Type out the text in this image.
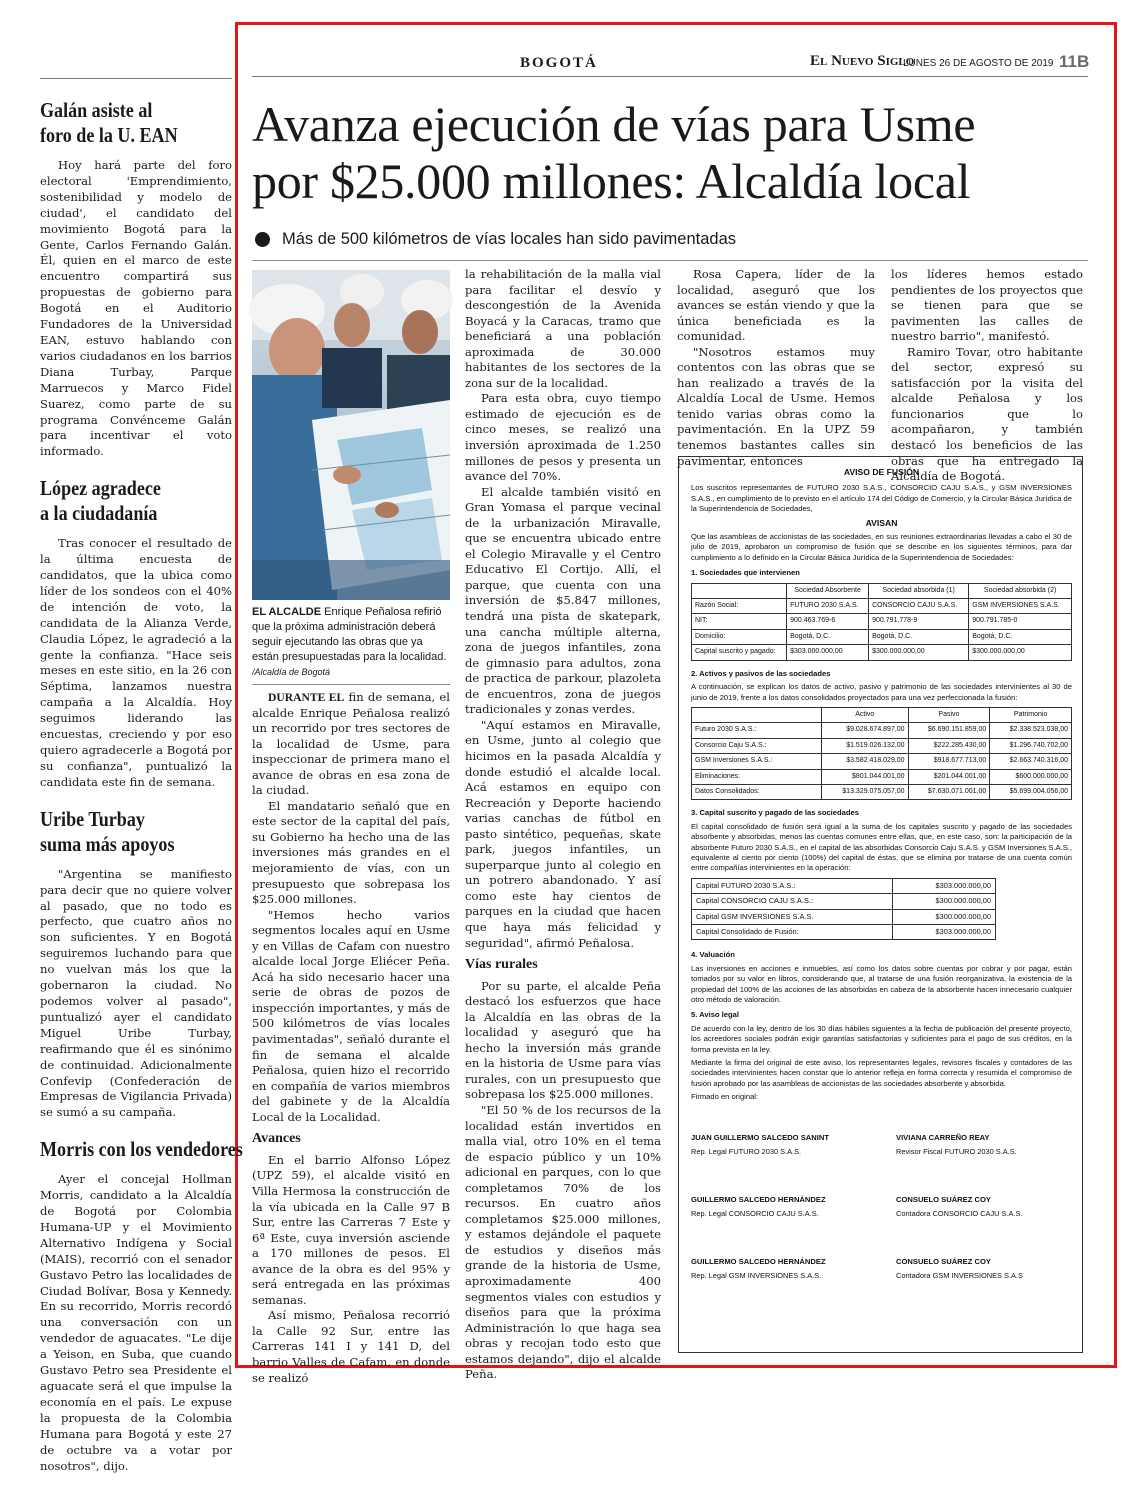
Galán asiste al
foro de la U. EAN

Hoy hará parte del foro electoral 'Emprendimiento, sostenibilidad y modelo de ciudad', el candidato del movimiento Bogotá para la Gente, Carlos Fernando Galán. Él, quien en el marco de este encuentro compartirá sus propuestas de gobierno para Bogotá en el Auditorio Fundadores de la Universidad EAN, estuvo hablando con varios ciudadanos en los barrios Diana Turbay, Parque Marruecos y Marco Fidel Suarez, como parte de su programa Convénceme Galán para incentivar el voto informado.

López agradece
a la ciudadanía

Tras conocer el resultado de la última encuesta de candidatos, que la ubica como líder de los sondeos con el 40% de intención de voto, la candidata de la Alianza Verde, Claudia López, le agradeció a la gente la confianza. "Hace seis meses en este sitio, en la 26 con Séptima, lanzamos nuestra campaña a la Alcaldía. Hoy seguimos liderando las encuestas, creciendo y por eso quiero agradecerle a Bogotá por su confianza", puntualizó la candidata este fin de semana.

Uribe Turbay
suma más apoyos

"Argentina se manifiesto para decir que no quiere volver al pasado, que no todo es perfecto, que cuatro años no son suficientes. Y en Bogotá seguiremos luchando para que no vuelvan más los que la gobernaron la ciudad. No podemos volver al pasado", puntualizó ayer el candidato Miguel Uribe Turbay, reafirmando que él es sinónimo de continuidad. Adicionalmente Confevip (Confederación de Empresas de Vigilancia Privada) se sumó a su campaña.

Morris con los vendedores

Ayer el concejal Hollman Morris, candidato a la Alcaldía de Bogotá por Colombia Humana-UP y el Movimiento Alternativo Indígena y Social (MAIS), recorrió con el senador Gustavo Petro las localidades de Ciudad Bolívar, Bosa y Kennedy. En su recorrido, Morris recordó una conversación con un vendedor de aguacates. "Le dije a Yeison, en Suba, que cuando Gustavo Petro sea Presidente el aguacate será el que impulse la economía en el país. Le expuse la propuesta de la Colombia Humana para Bogotá y este 27 de octubre va a votar por nosotros", dijo.

BOGOTÁ	El Nuevo Siglo
LUNES 26 DE AGOSTO DE 2019 11B
Avanza ejecución de vías para Usme
por $25.000 millones: Alcaldía local
Más de 500 kilómetros de vías locales han sido pavimentadas
EL ALCALDE Enrique Peñalosa refirió que la próxima administración deberá seguir ejecutando las obras que ya están presupuestadas para la localidad. /Alcaldía de Bogotá

DURANTE EL fin de semana, el alcalde Enrique Peñalosa realizó un recorrido por tres sectores de la localidad de Usme, para inspeccionar de primera mano el avance de obras en esa zona de la ciudad.

El mandatario señaló que en este sector de la capital del país, su Gobierno ha hecho una de las inversiones más grandes en el mejoramiento de vías, con un presupuesto que sobrepasa los $25.000 millones.

"Hemos hecho varios segmentos locales aquí en Usme y en Villas de Cafam con nuestro alcalde local Jorge Eliécer Peña. Acá ha sido necesario hacer una serie de obras de pozos de inspección importantes, y más de 500 kilómetros de vías locales pavimentadas", señaló durante el fin de semana el alcalde Peñalosa, quien hizo el recorrido en compañía de varios miembros del gabinete y de la Alcaldía Local de la Localidad.

Avances

En el barrio Alfonso López (UPZ 59), el alcalde visitó en Villa Hermosa la construcción de la vía ubicada en la Calle 97 B Sur, entre las Carreras 7 Este y 6ª Este, cuya inversión asciende a 170 millones de pesos. El avance de la obra es del 95% y será entregada en las próximas semanas.

Así mismo, Peñalosa recorrió la Calle 92 Sur, entre las Carreras 141 I y 141 D, del barrio Valles de Cafam, en donde se realizó

la rehabilitación de la malla vial para facilitar el desvío y descongestión de la Avenida Boyacá y la Caracas, tramo que beneficiará a una población aproximada de 30.000 habitantes de los sectores de la zona sur de la localidad.

Para esta obra, cuyo tiempo estimado de ejecución es de cinco meses, se realizó una inversión aproximada de 1.250 millones de pesos y presenta un avance del 70%.

El alcalde también visitó en Gran Yomasa el parque vecinal de la urbanización Miravalle, que se encuentra ubicado entre el Colegio Miravalle y el Centro Educativo El Cortijo. Allí, el parque, que cuenta con una inversión de $5.847 millones, tendrá una pista de skatepark, una cancha múltiple alterna, zona de juegos infantiles, zona de gimnasio para adultos, zona de practica de parkour, plazoleta de encuentros, zona de juegos tradicionales y zonas verdes.

"Aquí estamos en Miravalle, en Usme, junto al colegio que hicimos en la pasada Alcaldía y donde estudió el alcalde local. Acá estamos en equipo con Recreación y Deporte haciendo varias canchas de fútbol en pasto sintético, pequeñas, skate park, juegos infantiles, un superparque junto al colegio en un potrero abandonado. Y así como este hay cientos de parques en la ciudad que hacen que haya más felicidad y seguridad", afirmó Peñalosa.

Vías rurales

Por su parte, el alcalde Peña destacó los esfuerzos que hace la Alcaldía en las obras de la localidad y aseguró que ha hecho la inversión más grande en la historia de Usme para vías rurales, con un presupuesto que sobrepasa los $25.000 millones.

"El 50 % de los recursos de la localidad están invertidos en malla vial, otro 10% en el tema de espacio público y un 10% adicional en parques, con lo que completamos 70% de los recursos. En cuatro años completamos $25.000 millones, y estamos dejándole el paquete de estudios y diseños más grande de la historia de Usme, aproximadamente 400 segmentos viales con estudios y diseños para que la próxima Administración lo que haga sea obras y recojan todo esto que estamos dejando", dijo el alcalde Peña.

Rosa Capera, líder de la localidad, aseguró que los avances se están viendo y que la única beneficiada es la comunidad.

"Nosotros estamos muy contentos con las obras que se han realizado a través de la Alcaldía Local de Usme. Hemos tenido varias obras como la pavimentación. En la UPZ 59 tenemos bastantes calles sin pavimentar, entonces

los líderes hemos estado pendientes de los proyectos que se tienen para que se pavimenten las calles de nuestro barrio", manifestó.

Ramiro Tovar, otro habitante del sector, expresó su satisfacción por la visita del alcalde Peñalosa y los funcionarios que lo acompañaron, y también destacó los beneficios de las obras que ha entregado la Alcaldía de Bogotá.

AVISO DE FUSIÓN

Los suscritos representantes de FUTURO 2030 S.A.S., CONSORCIO CAJU S.A.S., y GSM INVERSIONES S.A.S., en cumplimiento de lo previsto en el artículo 174 del Código de Comercio, y la Circular Básica Jurídica de la Superintendencia de Sociedades,

AVISAN

Que las asambleas de accionistas de las sociedades, en sus reuniones extraordinarias llevadas a cabo el 30 de julio de 2019, aprobaron un compromiso de fusión que se describe en los siguientes términos, para dar cumplimiento a lo definido en la Circular Básica Jurídica de la Superintendencia de Sociedades:

1. Sociedades que intervienen
	Sociedad Absorbente	Sociedad absorbida (1)	Sociedad absorbida (2)
Razón Social:	FUTURO 2030 S.A.S.	CONSORCIO CAJU S.A.S.	GSM INVERSIONES S.A.S.
NIT:	900.463.769-6	900.791.778-9	900.791.785-0
Domicilio:	Bogotá, D.C.	Bogotá, D.C.	Bogotá, D.C.
Capital suscrito y pagado:	$303.000.000,00	$300.000.000,00	$300.000.000,00
2. Activos y pasivos de las sociedades

A continuación, se explican los datos de activo, pasivo y patrimonio de las sociedades intervinientes al 30 de junio de 2019, frente a los datos consolidados proyectados para una vez perfeccionada la fusión:

	Activo	Pasivo	Patrimonio
Futuro 2030 S.A.S.:	$9.028.674.897,00	$6.690.151.859,00	$2.338.523.038,00
Consorcio Caju S.A.S.:	$1.519.026.132,00	$222.285.430,00	$1.296.740.702,00
GSM Inversiones S.A.S.:	$3.582.418.029,00	$918.677.713,00	$2.663.740.316,00
Eliminaciones:	$801.044.001,00	$201.044.001,00	$600.000.000,00
Datos Consolidados:	$13.329.075.057,00	$7.630.071.001,00	$5.699.004.056,00
3. Capital suscrito y pagado de las sociedades

El capital consolidado de fusión será igual a la suma de los capitales suscrito y pagado de las sociedades absorbente y absorbidas, menos las cuentas comunes entre ellas, que, en este caso, son: la participación de la absorbente Futuro 2030 S.A.S., en el capital de las absorbidas Consorcio Caju S.A.S. y GSM Inversiones S.A.S., equivalente al ciento por ciento (100%) del capital de éstas, que se elimina por tratarse de una cuenta común entre compañías intervinientes en la operación:

Capital FUTURO 2030 S.A.S.:	$303.000.000,00
Capital CONSORCIO CAJU S.A.S.:	$300.000.000,00
Capital GSM INVERSIONES S.A.S.	$300.000.000,00
Capital Consolidado de Fusión:	$303.000.000,00
4. Valuación

Las inversiones en acciones e inmuebles, así como los datos sobre cuentas por cobrar y por pagar, están tomados por su valor en libros, considerando que, al tratarse de una fusión reorganizativa, la existencia de la propiedad del 100% de las acciones de las absorbidas en cabeza de la absorbente hacen innecesario cualquier otro método de valoración.

5. Aviso legal

De acuerdo con la ley, dentro de los 30 días hábiles siguientes a la fecha de publicación del presente proyecto, los acreedores sociales podrán exigir garantías satisfactorias y suficientes para el pago de sus créditos, en la forma prevista en la ley.

Mediante la firma del original de este aviso, los representantes legales, revisores fiscales y contadores de las sociedades intervinientes hacen constar que lo anterior refleja en forma correcta y resumida el compromiso de fusión aprobado por las asambleas de accionistas de las sociedades absorbente y absorbida.

Firmado en original:

JUAN GUILLERMO SALCEDO SANINT
Rep. Legal FUTURO 2030 S.A.S.
VIVIANA CARREÑO REAY
Revisor Fiscal FUTURO 2030 S.A.S.
GUILLERMO SALCEDO HERNÁNDEZ
Rep. Legal CONSORCIO CAJU S.A.S.
CONSUELO SUÁREZ COY
Contadora CONSORCIO CAJU S.A.S.
GUILLERMO SALCEDO HERNÁNDEZ
Rep. Legal GSM INVERSIONES S.A.S.
CONSUELO SUÁREZ COY
Contadora GSM INVERSIONES S.A.S
